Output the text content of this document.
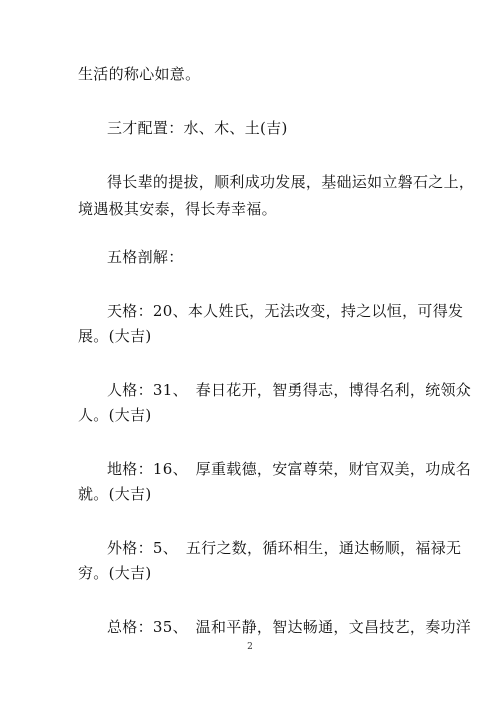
生活的称心如意。
三才配置：水、木、土(吉)
得长辈的提拔，顺利成功发展，基础运如立磐石之上，
境遇极其安泰，得长寿幸福。
五格剖解：
天格：20、本人姓氏，无法改变，持之以恒，可得发
展。(大吉)
人格：31、　春日花开，智勇得志，博得名利，统领众
人。(大吉)
地格：16、　厚重载德，安富尊荣，财官双美，功成名
就。(大吉)
外格：5、　五行之数，循环相生，通达畅顺，福禄无
穷。(大吉)
总格：35、　温和平静，智达畅通，文昌技艺，奏功洋
2
